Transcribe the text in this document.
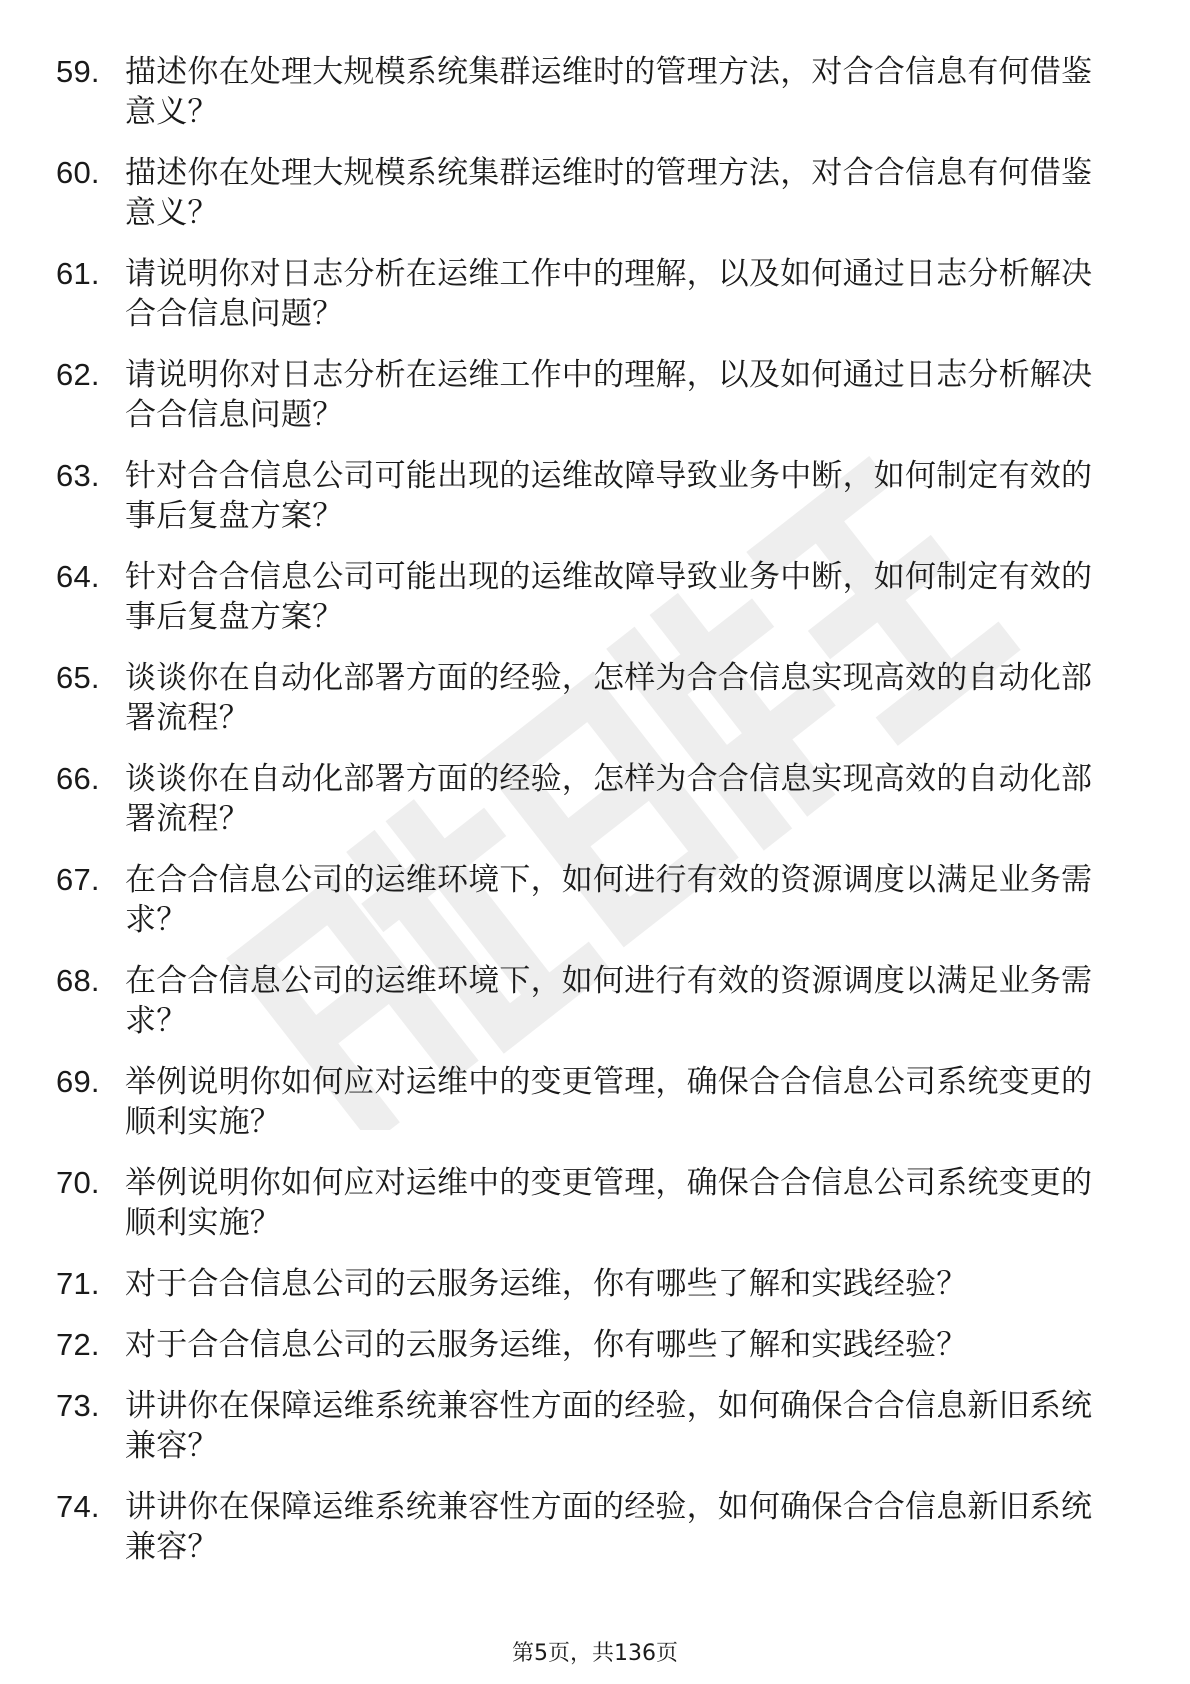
59. 描述你在处理大规模系统集群运维时的管理方法，对合合信息有何借鉴意义？
60. 描述你在处理大规模系统集群运维时的管理方法，对合合信息有何借鉴意义？
61. 请说明你对日志分析在运维工作中的理解，以及如何通过日志分析解决合合信息问题？
62. 请说明你对日志分析在运维工作中的理解，以及如何通过日志分析解决合合信息问题？
63. 针对合合信息公司可能出现的运维故障导致业务中断，如何制定有效的事后复盘方案？
64. 针对合合信息公司可能出现的运维故障导致业务中断，如何制定有效的事后复盘方案？
65. 谈谈你在自动化部署方面的经验，怎样为合合信息实现高效的自动化部署流程？
66. 谈谈你在自动化部署方面的经验，怎样为合合信息实现高效的自动化部署流程？
67. 在合合信息公司的运维环境下，如何进行有效的资源调度以满足业务需求？
68. 在合合信息公司的运维环境下，如何进行有效的资源调度以满足业务需求？
69. 举例说明你如何应对运维中的变更管理，确保合合信息公司系统变更的顺利实施？
70. 举例说明你如何应对运维中的变更管理，确保合合信息公司系统变更的顺利实施？
71. 对于合合信息公司的云服务运维，你有哪些了解和实践经验？
72. 对于合合信息公司的云服务运维，你有哪些了解和实践经验？
73. 讲讲你在保障运维系统兼容性方面的经验，如何确保合合信息新旧系统兼容？
74. 讲讲你在保障运维系统兼容性方面的经验，如何确保合合信息新旧系统兼容？
第5页，共136页
